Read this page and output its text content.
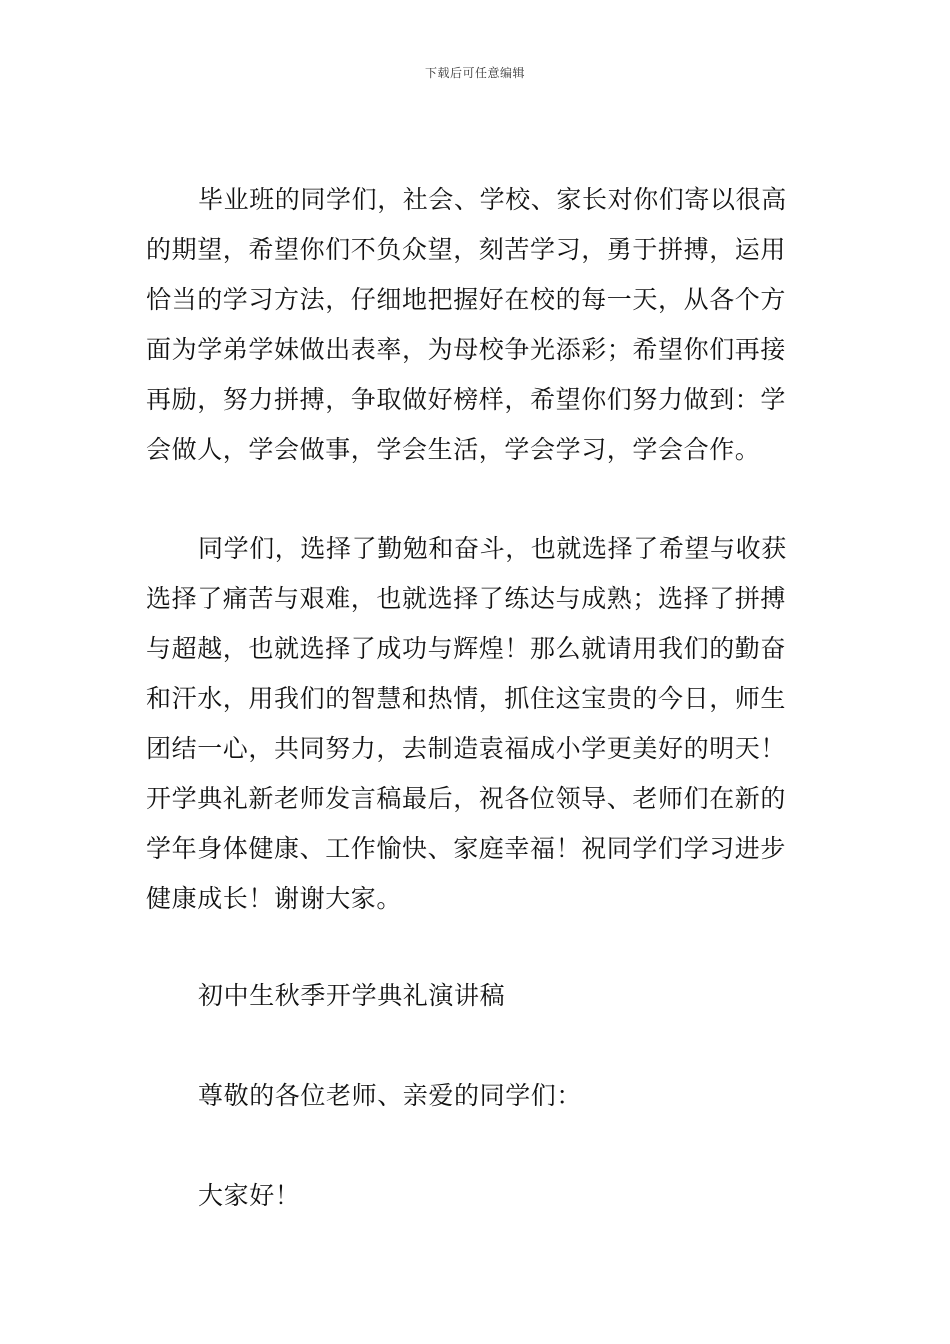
下载后可任意编辑
毕业班的同学们，社会、学校、家长对你们寄以很高
的期望，希望你们不负众望，刻苦学习，勇于拼搏，运用
恰当的学习方法，仔细地把握好在校的每一天，从各个方
面为学弟学妹做出表率，为母校争光添彩；希望你们再接
再励，努力拼搏，争取做好榜样，希望你们努力做到：学
会做人，学会做事，学会生活，学会学习，学会合作。
同学们，选择了勤勉和奋斗，也就选择了希望与收获
选择了痛苦与艰难，也就选择了练达与成熟；选择了拼搏
与超越，也就选择了成功与辉煌！那么就请用我们的勤奋
和汗水，用我们的智慧和热情，抓住这宝贵的今日，师生
团结一心，共同努力，去制造袁福成小学更美好的明天！
开学典礼新老师发言稿最后，祝各位领导、老师们在新的
学年身体健康、工作愉快、家庭幸福！祝同学们学习进步
健康成长！谢谢大家。
初中生秋季开学典礼演讲稿
尊敬的各位老师、亲爱的同学们：
大家好！
